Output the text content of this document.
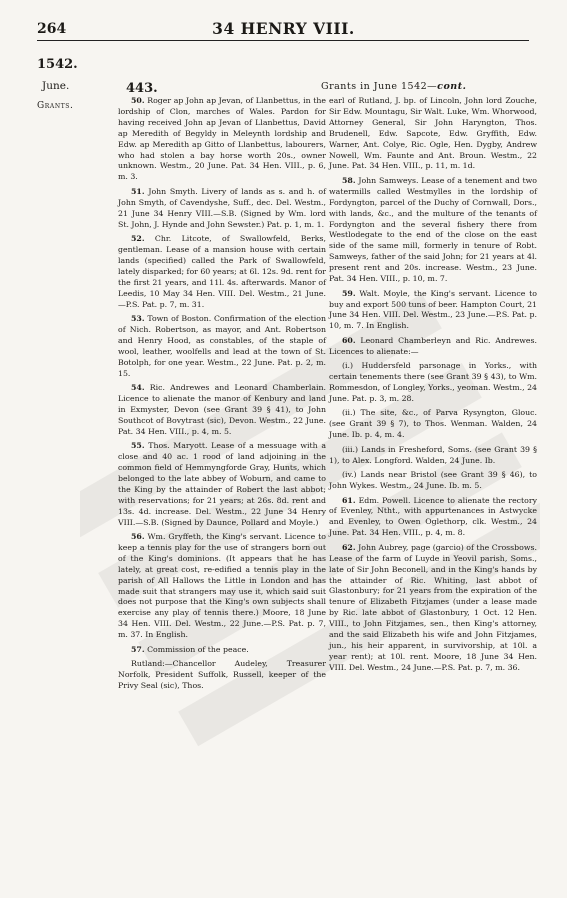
264	34 HENRY VIII.
1542.
June.
Grants.
443.	Grants in June 1542—cont.

50. Roger ap John ap Jevan, of Llanbettus, in the lordship of Clon, marches of Wales. Pardon for having received John ap Jevan of Llanbettus, David ap Meredith of Begyldy in Meleynth lordship and Edw. ap Meredith ap Gitto of Llanbettus, labourers, who had stolen a bay horse worth 20s., owner unknown. Westm., 20 June. Pat. 34 Hen. VIII., p. 6, m. 3.

51. John Smyth. Livery of lands as s. and h. of John Smyth, of Cavendyshe, Suff., dec. Del. Westm., 21 June 34 Henry VIII.—S.B. (Signed by Wm. lord St. John, J. Hynde and John Sewster.) Pat. p. 1, m. 1.

52. Chr. Litcote, of Swallowfeld, Berks, gentleman. Lease of a mansion house with certain lands (specified) called the Park of Swallowfeld, lately disparked; for 60 years; at 6l. 12s. 9d. rent for the first 21 years, and 11l. 4s. afterwards. Manor of Leedis, 10 May 34 Hen. VIII. Del. Westm., 21 June.—P.S. Pat. p. 7, m. 31.

53. Town of Boston. Confirmation of the election of Nich. Robertson, as mayor, and Ant. Robertson and Henry Hood, as constables, of the staple of wool, leather, woolfells and lead at the town of St. Botolph, for one year. Westm., 22 June. Pat. p. 2, m. 15.

54. Ric. Andrewes and Leonard Chamberlain. Licence to alienate the manor of Kenbury and land in Exmyster, Devon (see Grant 39 § 41), to John Southcot of Bovytrast (sic), Devon. Westm., 22 June. Pat. 34 Hen. VIII., p. 4, m. 5.

55. Thos. Maryott. Lease of a messuage with a close and 40 ac. 1 rood of land adjoining in the common field of Hemmyngforde Gray, Hunts, which belonged to the late abbey of Woburn, and came to the King by the attainder of Robert the last abbot; with reservations; for 21 years; at 26s. 8d. rent and 13s. 4d. increase. Del. Westm., 22 June 34 Henry VIII.—S.B. (Signed by Daunce, Pollard and Moyle.)

56. Wm. Gryffeth, the King's servant. Licence to keep a tennis play for the use of strangers born out of the King's dominions. (It appears that he has lately, at great cost, re-edified a tennis play in the parish of All Hallows the Little in London and has made suit that strangers may use it, which said suit does not purpose that the King's own subjects shall exercise any play of tennis there.) Moore, 18 June 34 Hen. VIII. Del. Westm., 22 June.—P.S. Pat. p. 7, m. 37. In English.

57. Commission of the peace.

Rutland:—Chancellor Audeley, Treasurer Norfolk, President Suffolk, Russell, keeper of the Privy Seal (sic), Thos.

earl of Rutland, J. bp. of Lincoln, John lord Zouche, Sir Edw. Mountagu, Sir Walt. Luke, Wm. Whorwood, Attorney General, Sir John Haryngton, Thos. Brudenell, Edw. Sapcote, Edw. Gryffith, Edw. Warner, Ant. Colye, Ric. Ogle, Hen. Dygby, Andrew Nowell, Wm. Faunte and Ant. Broun. Westm., 22 June. Pat. 34 Hen. VIII., p. 11, m. 1d.

58. John Samweys. Lease of a tenement and two watermills called Westmylles in the lordship of Fordyngton, parcel of the Duchy of Cornwall, Dors., with lands, &c., and the multure of the tenants of Fordyngton and the several fishery there from Westlodegate to the end of the close on the east side of the same mill, formerly in tenure of Robt. Samweys, father of the said John; for 21 years at 4l. present rent and 20s. increase. Westm., 23 June. Pat. 34 Hen. VIII., p. 10, m. 7.

59. Walt. Moyle, the King's servant. Licence to buy and export 500 tuns of beer. Hampton Court, 21 June 34 Hen. VIII. Del. Westm., 23 June.—P.S. Pat. p. 10, m. 7. In English.

60. Leonard Chamberleyn and Ric. Andrewes. Licences to alienate:—

(i.) Huddersfeld parsonage in Yorks., with certain tenements there (see Grant 39 § 43), to Wm. Rommesdon, of Longley, Yorks., yeoman. Westm., 24 June. Pat. p. 3, m. 28.

(ii.) The site, &c., of Parva Rysyngton, Glouc. (see Grant 39 § 7), to Thos. Wenman. Walden, 24 June. Ib. p. 4, m. 4.

(iii.) Lands in Fresheford, Soms. (see Grant 39 § 1), to Alex. Longford. Walden, 24 June. Ib.

(iv.) Lands near Bristol (see Grant 39 § 46), to John Wykes. Westm., 24 June. Ib. m. 5.

61. Edm. Powell. Licence to alienate the rectory of Evenley, Ntht., with appurtenances in Astwycke and Evenley, to Owen Oglethorp, clk. Westm., 24 June. Pat. 34 Hen. VIII., p. 4, m. 8.

62. John Aubrey, page (garcio) of the Crossbows. Lease of the farm of Luyde in Yeovil parish, Soms., late of Sir John Beconell, and in the King's hands by the attainder of Ric. Whiting, last abbot of Glastonbury; for 21 years from the expiration of the tenure of Elizabeth Fitzjames (under a lease made by Ric. late abbot of Glastonbury, 1 Oct. 12 Hen. VIII., to John Fitzjames, sen., then King's attorney, and the said Elizabeth his wife and John Fitzjames, jun., his heir apparent, in survivorship, at 10l. a year rent); at 10l. rent. Moore, 18 June 34 Hen. VIII. Del. Westm., 24 June.—P.S. Pat. p. 7, m. 36.
